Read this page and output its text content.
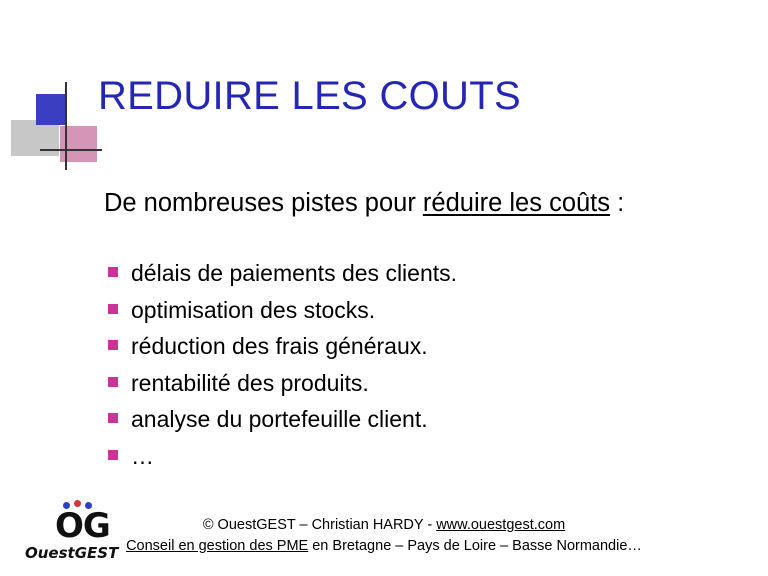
REDUIRE LES COUTS
De nombreuses pistes pour réduire les coûts :
délais de paiements des clients.
optimisation des stocks.
réduction des frais généraux.
rentabilité des produits.
analyse du portefeuille client.
…
OG
OuestGEST
© OuestGEST – Christian HARDY - www.ouestgest.com
Conseil en gestion des PME en Bretagne – Pays de Loire – Basse Normandie…
